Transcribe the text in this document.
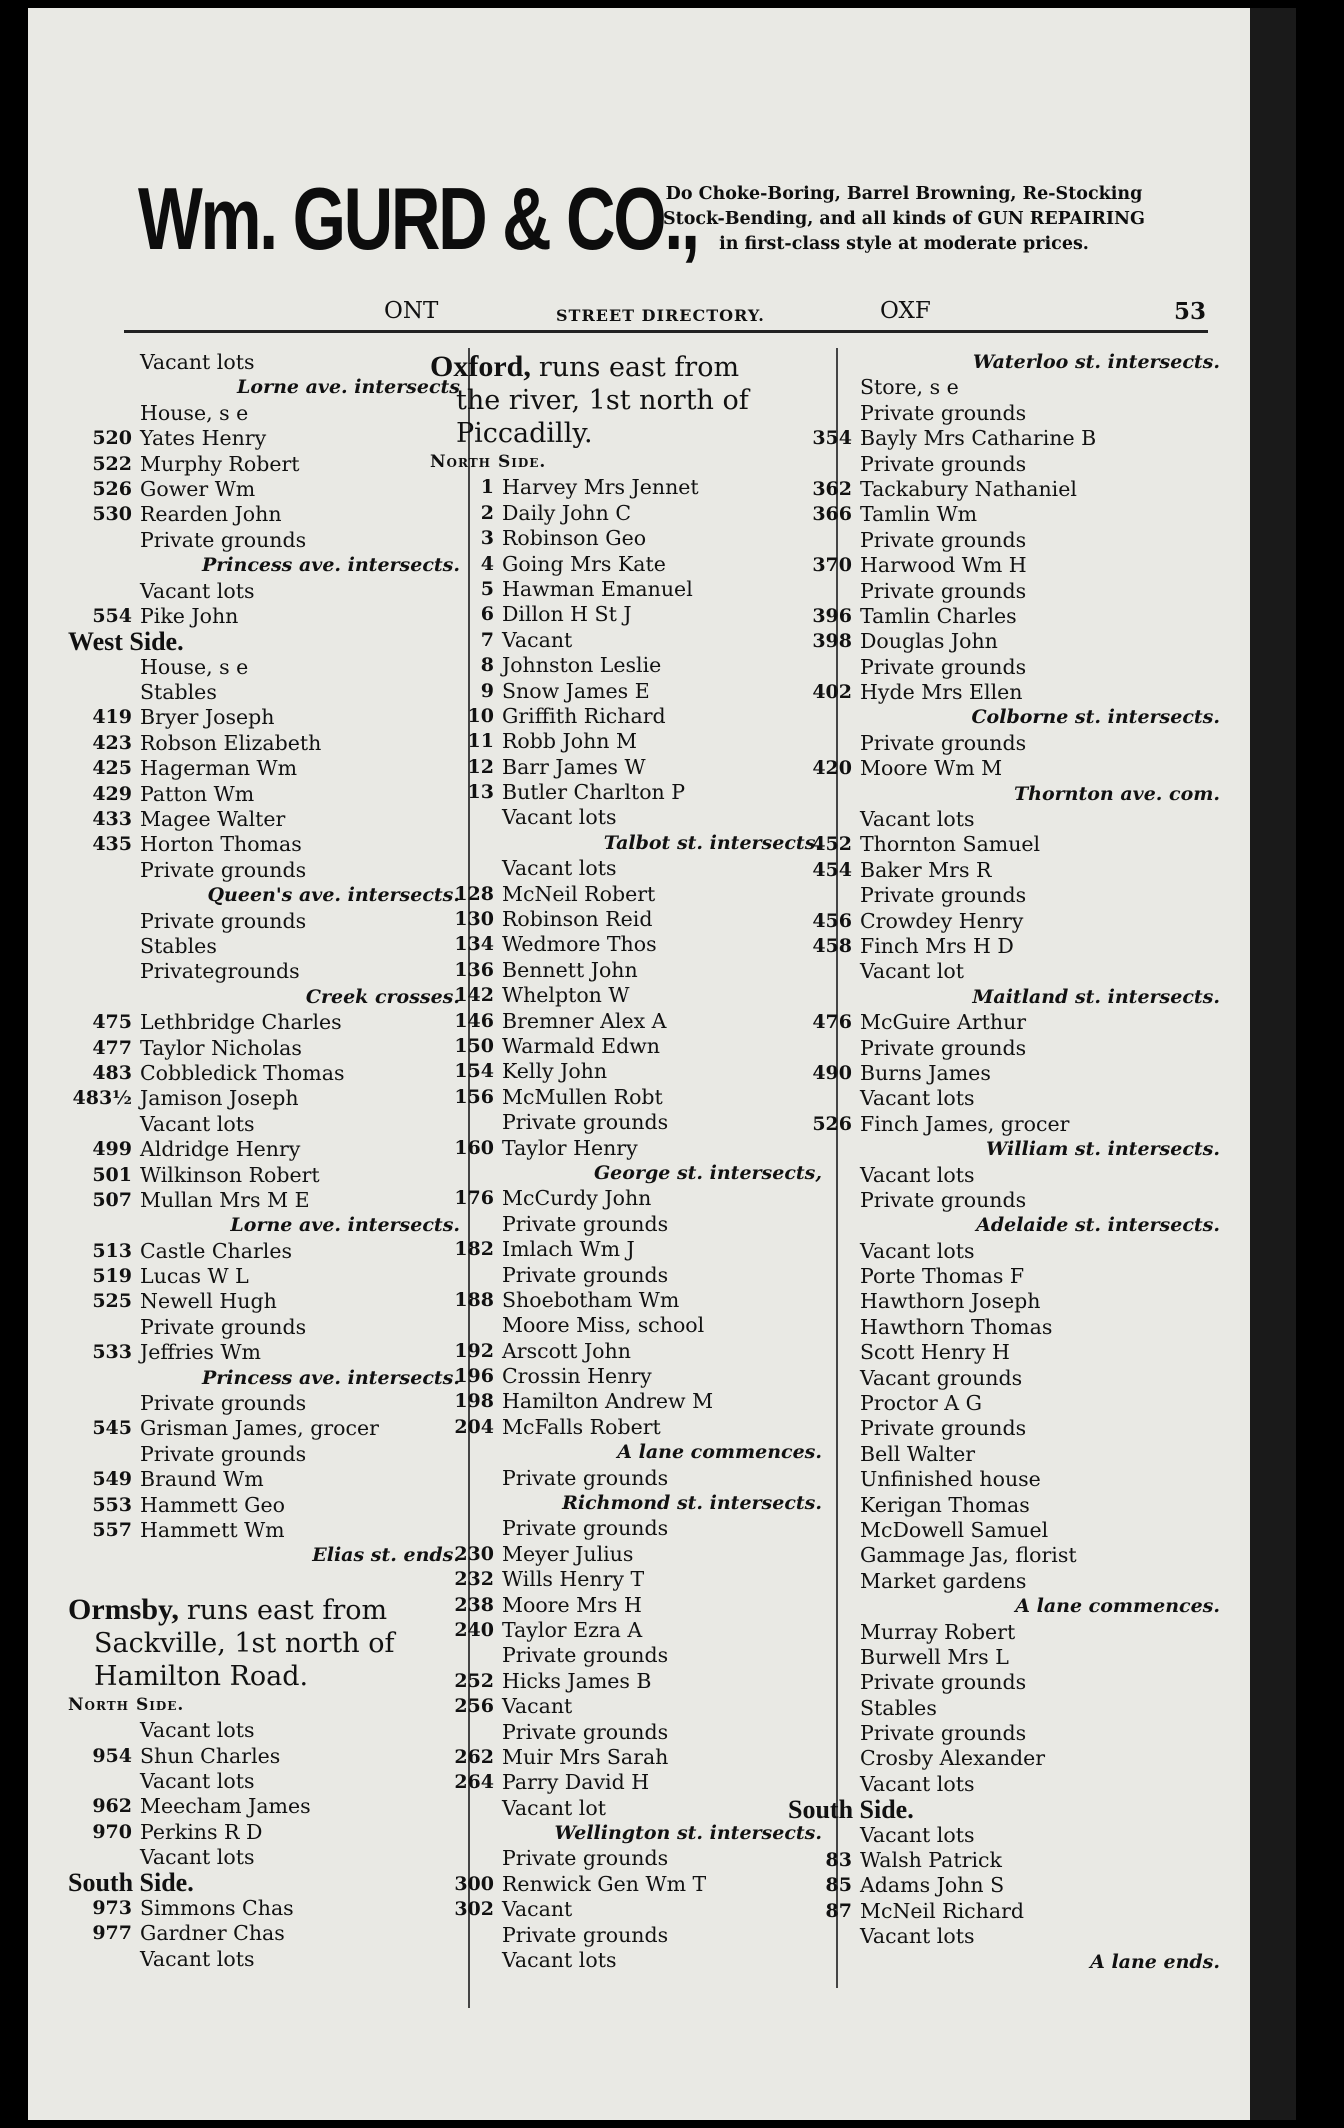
Wm. GURD & CO.,
Do Choke-Boring, Barrel Browning, Re-Stocking
Stock-Bending, and all kinds of GUN REPAIRING
in first-class style at moderate prices.
ONT	STREET DIRECTORY.	OXF	53
Vacant lots
Lorne ave. intersects
House, s e
520 Yates Henry
522 Murphy Robert
526 Gower Wm
530 Rearden John
Private grounds
Princess ave. intersects.
Vacant lots
554 Pike John
West Side.
House, s e
Stables
419 Bryer Joseph
423 Robson Elizabeth
425 Hagerman Wm
429 Patton Wm
433 Magee Walter
435 Horton Thomas
Private grounds
Queen's ave. intersects.
Private grounds
Stables
Privategrounds
Creek crosses.
475 Lethbridge Charles
477 Taylor Nicholas
483 Cobbledick Thomas
483½ Jamison Joseph
Vacant lots
499 Aldridge Henry
501 Wilkinson Robert
507 Mullan Mrs M E
Lorne ave. intersects.
513 Castle Charles
519 Lucas W L
525 Newell Hugh
Private grounds
533 Jeffries Wm
Princess ave. intersects.
Private grounds
545 Grisman James, grocer
Private grounds
549 Braund Wm
553 Hammett Geo
557 Hammett Wm
Elias st. ends.
Ormsby, runs east from
Sackville, 1st north of
Hamilton Road.
North Side.
Vacant lots
954 Shun Charles
Vacant lots
962 Meecham James
970 Perkins R D
Vacant lots
South Side.
973 Simmons Chas
977 Gardner Chas
Vacant lots
Oxford, runs east from
the river, 1st north of
Piccadilly.
North Side.
1 Harvey Mrs Jennet
2 Daily John C
3 Robinson Geo
4 Going Mrs Kate
5 Hawman Emanuel
6 Dillon H St J
7 Vacant
8 Johnston Leslie
9 Snow James E
10 Griffith Richard
11 Robb John M
12 Barr James W
13 Butler Charlton P
Vacant lots
Talbot st. intersects.
Vacant lots
128 McNeil Robert
130 Robinson Reid
134 Wedmore Thos
136 Bennett John
142 Whelpton W
146 Bremner Alex A
150 Warmald Edwn
154 Kelly John
156 McMullen Robt
Private grounds
160 Taylor Henry
George st. intersects,
176 McCurdy John
Private grounds
182 Imlach Wm J
Private grounds
188 Shoebotham Wm
Moore Miss, school
192 Arscott John
196 Crossin Henry
198 Hamilton Andrew M
204 McFalls Robert
A lane commences.
Private grounds
Richmond st. intersects.
Private grounds
230 Meyer Julius
232 Wills Henry T
238 Moore Mrs H
240 Taylor Ezra A
Private grounds
252 Hicks James B
256 Vacant
Private grounds
262 Muir Mrs Sarah
264 Parry David H
Vacant lot
Wellington st. intersects.
Private grounds
300 Renwick Gen Wm T
302 Vacant
Private grounds
Vacant lots
Waterloo st. intersects.
Store, s e
Private grounds
354 Bayly Mrs Catharine B
Private grounds
362 Tackabury Nathaniel
366 Tamlin Wm
Private grounds
370 Harwood Wm H
Private grounds
396 Tamlin Charles
398 Douglas John
Private grounds
402 Hyde Mrs Ellen
Colborne st. intersects.
Private grounds
420 Moore Wm M
Thornton ave. com.
Vacant lots
452 Thornton Samuel
454 Baker Mrs R
Private grounds
456 Crowdey Henry
458 Finch Mrs H D
Vacant lot
Maitland st. intersects.
476 McGuire Arthur
Private grounds
490 Burns James
Vacant lots
526 Finch James, grocer
William st. intersects.
Vacant lots
Private grounds
Adelaide st. intersects.
Vacant lots
Porte Thomas F
Hawthorn Joseph
Hawthorn Thomas
Scott Henry H
Vacant grounds
Proctor A G
Private grounds
Bell Walter
Unfinished house
Kerigan Thomas
McDowell Samuel
Gammage Jas, florist
Market gardens
A lane commences.
Murray Robert
Burwell Mrs L
Private grounds
Stables
Private grounds
Crosby Alexander
Vacant lots
South Side.
Vacant lots
83 Walsh Patrick
85 Adams John S
87 McNeil Richard
Vacant lots
A lane ends.
